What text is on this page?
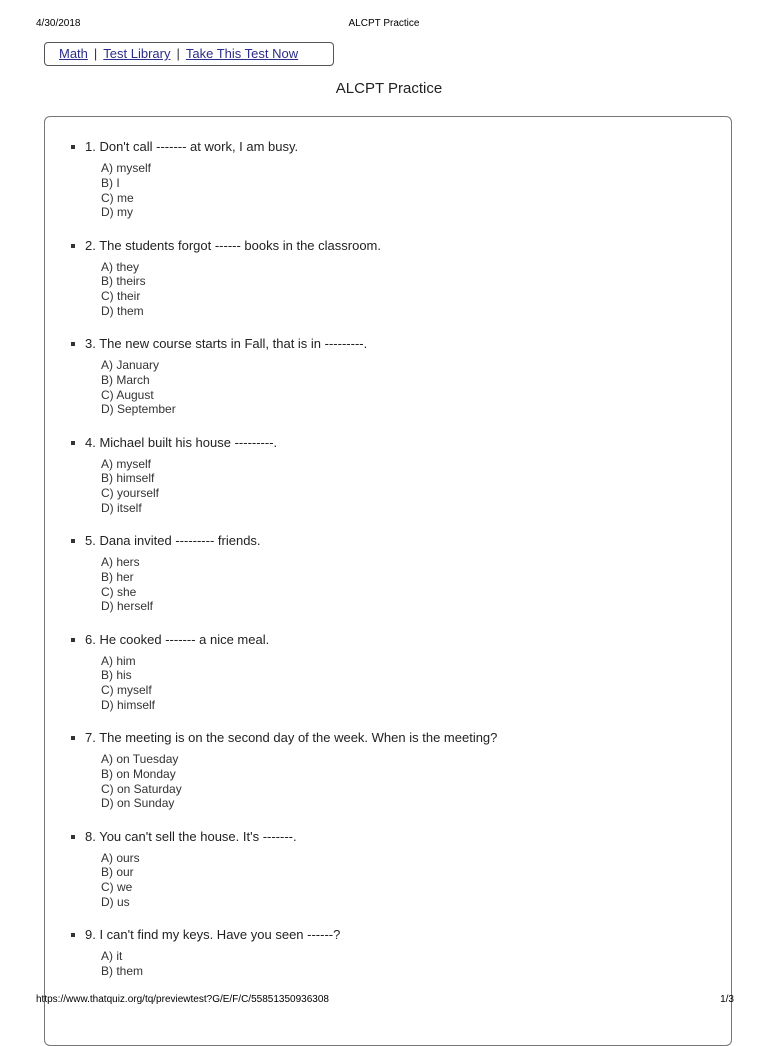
4/30/2018	ALCPT Practice
Math | Test Library | Take This Test Now
ALCPT Practice
1. Don't call ------- at work, I am busy.
A) myself
B) I
C) me
D) my
2. The students forgot ------ books in the classroom.
A) they
B) theirs
C) their
D) them
3. The new course starts in Fall, that is in ---------.
A) January
B) March
C) August
D) September
4. Michael built his house ---------.
A) myself
B) himself
C) yourself
D) itself
5. Dana invited --------- friends.
A) hers
B) her
C) she
D) herself
6. He cooked ------- a nice meal.
A) him
B) his
C) myself
D) himself
7. The meeting is on the second day of the week. When is the meeting?
A) on Tuesday
B) on Monday
C) on Saturday
D) on Sunday
8. You can't sell the house. It's -------.
A) ours
B) our
C) we
D) us
9. I can't find my keys. Have you seen ------?
A) it
B) them
https://www.thatquiz.org/tq/previewtest?G/E/F/C/55851350936308	1/3
